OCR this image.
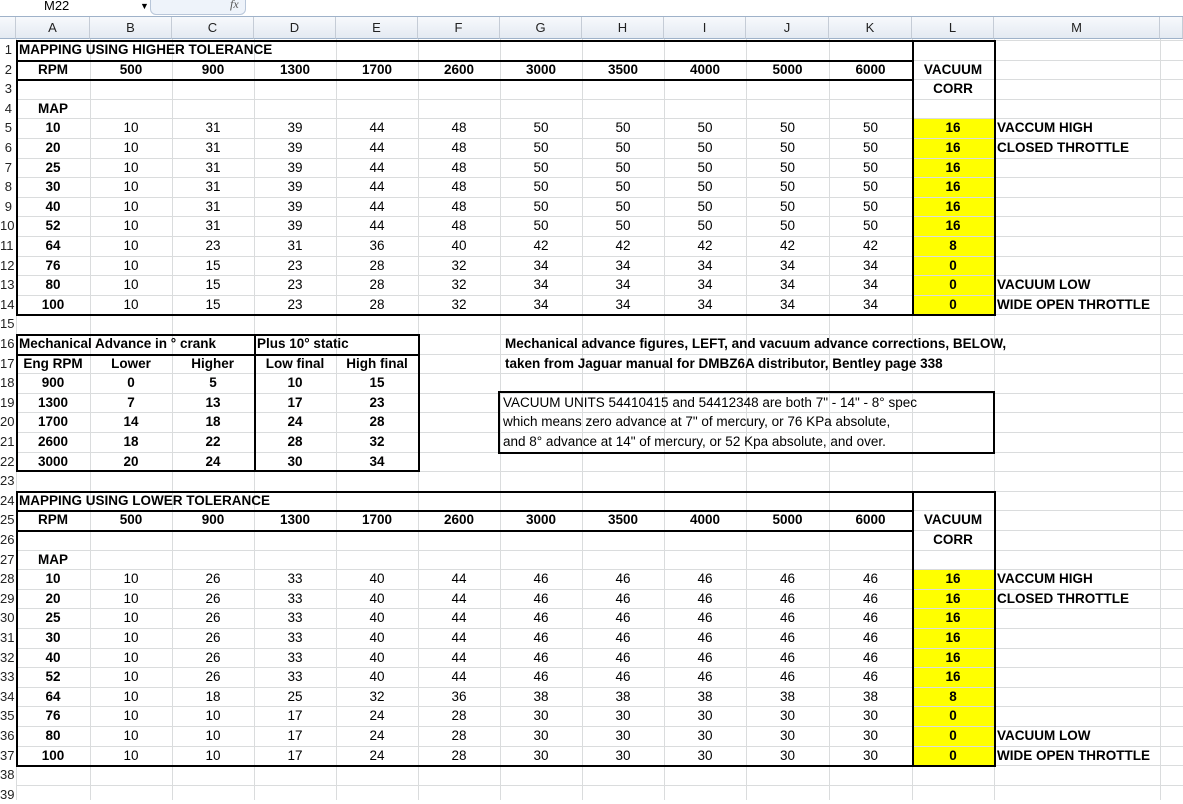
M22	▼	fx
A	B	C	D	E	F	G	H	I	J	K	L	M
1
2
3
4
5
6
7
8
9
10
11
12
13
14
15
16
17
18
19
20
21
22
23
24
25
26
27
28
29
30
31
32
33
34
35
36
37
38
39
MAPPING USING HIGHER TOLERANCE
RPM	500	900	1300	1700	2600	3000	3500	4000	5000	6000	VACUUM
CORR
MAP
10	10	31	39	44	48	50	50	50	50	50	16	VACCUM HIGH
20	10	31	39	44	48	50	50	50	50	50	16	CLOSED THROTTLE
25	10	31	39	44	48	50	50	50	50	50	16
30	10	31	39	44	48	50	50	50	50	50	16
40	10	31	39	44	48	50	50	50	50	50	16
52	10	31	39	44	48	50	50	50	50	50	16
64	10	23	31	36	40	42	42	42	42	42	8
76	10	15	23	28	32	34	34	34	34	34	0
80	10	15	23	28	32	34	34	34	34	34	0	VACUUM LOW
100	10	15	23	28	32	34	34	34	34	34	0	WIDE OPEN THROTTLE
MAPPING USING LOWER TOLERANCE
RPM	500	900	1300	1700	2600	3000	3500	4000	5000	6000	VACUUM
CORR
MAP
10	10	26	33	40	44	46	46	46	46	46	16	VACCUM HIGH
20	10	26	33	40	44	46	46	46	46	46	16	CLOSED THROTTLE
25	10	26	33	40	44	46	46	46	46	46	16
30	10	26	33	40	44	46	46	46	46	46	16
40	10	26	33	40	44	46	46	46	46	46	16
52	10	26	33	40	44	46	46	46	46	46	16
64	10	18	25	32	36	38	38	38	38	38	8
76	10	10	17	24	28	30	30	30	30	30	0
80	10	10	17	24	28	30	30	30	30	30	0	VACUUM LOW
100	10	10	17	24	28	30	30	30	30	30	0	WIDE OPEN THROTTLE
Mechanical Advance in ° crank	Plus 10° static
Eng RPM	Lower	Higher	Low final	High final
900	0	5	10	15
1300	7	13	17	23
1700	14	18	24	28
2600	18	22	28	32
3000	20	24	30	34
Mechanical advance figures, LEFT, and vacuum advance corrections, BELOW,
taken from Jaguar manual for DMBZ6A distributor, Bentley page 338
VACUUM UNITS 54410415 and 54412348 are both 7" - 14" - 8° spec
which means zero advance at 7" of mercury, or 76 KPa absolute,
and 8° advance at 14" of mercury, or 52 Kpa absolute, and over.
